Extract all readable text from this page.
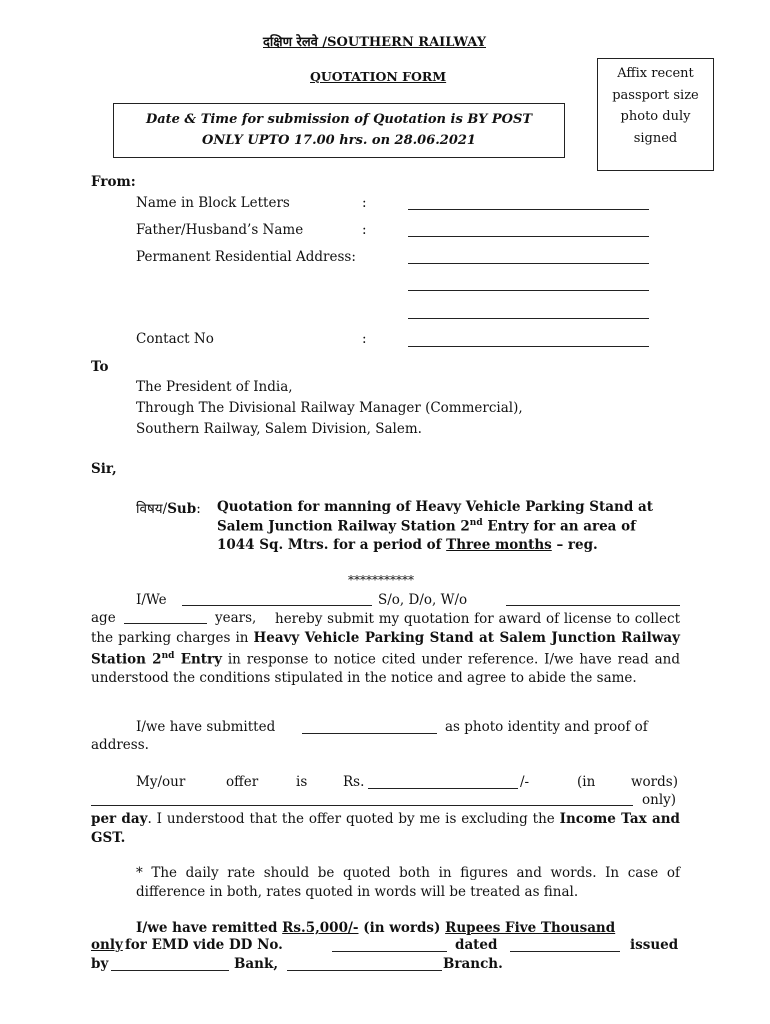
दक्षिण रेलवे /SOUTHERN RAILWAY
QUOTATION FORM
Date & Time for submission of Quotation is BY POST
ONLY UPTO 17.00 hrs. on 28.06.2021
Affix recent
passport size
photo duly
signed
From:
Name in Block Letters	:
Father/Husband’s Name	:
Permanent Residential Address:
Contact No	:
To
The President of India,
Through The Divisional Railway Manager (Commercial),
Southern Railway, Salem Division, Salem.
Sir,
विषय/Sub: Quotation for manning of Heavy Vehicle Parking Stand at
Salem Junction Railway Station 2nd Entry for an area of
1044 Sq. Mtrs. for a period of Three months – reg.
***********
I/We	S/o, D/o, W/o
age	years,	hereby submit my quotation for award of license to collect the parking charges in Heavy Vehicle Parking Stand at Salem Junction Railway Station 2nd Entry in response to notice cited under reference. I/we have read and understood the conditions stipulated in the notice and agree to abide the same.
I/we have submitted	as photo identity and proof of
address.
My/our	offer	is	Rs.	/-	(in	words)
only)
per day. I understood that the offer quoted by me is excluding the Income Tax and GST.
* The daily rate should be quoted both in figures and words. In case of difference in both, rates quoted in words will be treated as final.
I/we have remitted Rs.5,000/- (in words) Rupees Five Thousand
only for EMD vide DD No.	dated	issued
by	Bank,	Branch.
